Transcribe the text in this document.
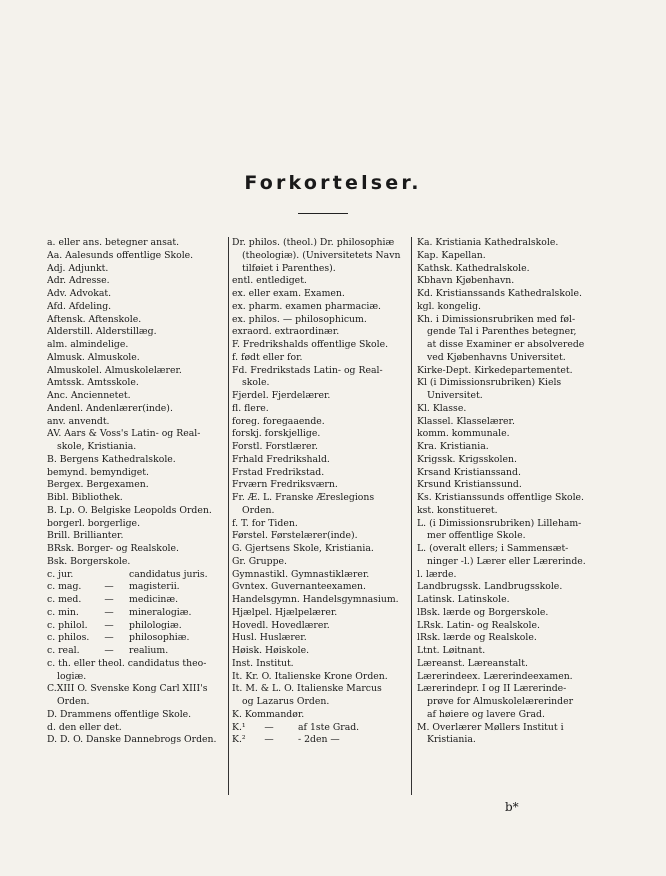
Forkortelser.
a. eller ans. betegner ansat.
Aa. Aalesunds offentlige Skole.
Adj. Adjunkt.
Adr. Adresse.
Adv. Advokat.
Afd. Afdeling.
Aftensk. Aftenskole.
Alderstill. Alderstillæg.
alm. almindelige.
Almusk. Almuskole.
Almuskolel. Almuskolelærer.
Amtssk. Amtsskole.
Anc. Anciennetet.
Andenl. Andenlærer(inde).
anv. anvendt.
AV. Aars & Voss's Latin- og Real-
skole, Kristiania.
B. Bergens Kathedralskole.
bemynd. bemyndiget.
Bergex. Bergexamen.
Bibl. Bibliothek.
B. Lp. O. Belgiske Leopolds Orden.
borgerl. borgerlige.
Brill. Brillianter.
BRsk. Borger- og Realskole.
Bsk. Borgerskole.
c. jur.	candidatus juris.
c. mag.	—	magisterii.
c. med.	—	medicinæ.
c. min.	—	mineralogiæ.
c. philol.	—	philologiæ.
c. philos.	—	philosophiæ.
c. real.	—	realium.
c. th. eller theol. candidatus theo-
logiæ.
C.XIII O. Svenske Kong Carl XIII's
Orden.
D. Drammens offentlige Skole.
d. den eller det.
D. D. O. Danske Dannebrogs Orden.
Dr. philos. (theol.) Dr. philosophiæ
(theologiæ). (Universitetets Navn
tilføiet i Parenthes).
entl. entlediget.
ex. eller exam. Examen.
ex. pharm. examen pharmaciæ.
ex. philos. — philosophicum.
exraord. extraordinær.
F. Fredrikshalds offentlige Skole.
f. født eller for.
Fd. Fredrikstads Latin- og Real-
skole.
Fjerdel. Fjerdelærer.
fl. flere.
foreg. foregaaende.
forskj. forskjellige.
Forstl. Forstlærer.
Frhald Fredrikshald.
Frstad Fredrikstad.
Frværn Fredriksværn.
Fr. Æ. L. Franske Æreslegions
Orden.
f. T. for Tiden.
Førstel. Førstelærer(inde).
G. Gjertsens Skole, Kristiania.
Gr. Gruppe.
Gymnastikl. Gymnastiklærer.
Gvntex. Guvernanteexamen.
Handelsgymn. Handelsgymnasium.
Hjælpel. Hjælpelærer.
Hovedl. Hovedlærer.
Husl. Huslærer.
Høisk. Høiskole.
Inst. Institut.
It. Kr. O. Italienske Krone Orden.
It. M. & L. O. Italienske Marcus
og Lazarus Orden.
K. Kommandør.
K.¹	—	af 1ste Grad.
K.²	—	- 2den —
Ka. Kristiania Kathedralskole.
Kap. Kapellan.
Kathsk. Kathedralskole.
Kbhavn Kjøbenhavn.
Kd. Kristianssands Kathedralskole.
kgl. kongelig.
Kh. i Dimissionsrubriken med føl-
gende Tal i Parenthes betegner,
at disse Examiner er absolverede
ved Kjøbenhavns Universitet.
Kirke-Dept. Kirkedepartementet.
Kl (i Dimissionsrubriken) Kiels
Universitet.
Kl. Klasse.
Klassel. Klasselærer.
komm. kommunale.
Kra. Kristiania.
Krigssk. Krigsskolen.
Krsand Kristianssand.
Krsund Kristianssund.
Ks. Kristianssunds offentlige Skole.
kst. konstitueret.
L. (i Dimissionsrubriken) Lilleham-
mer offentlige Skole.
L. (overalt ellers; i Sammensæt-
ninger -l.) Lærer eller Lærerinde.
l. lærde.
Landbrugssk. Landbrugsskole.
Latinsk. Latinskole.
lBsk. lærde og Borgerskole.
LRsk. Latin- og Realskole.
lRsk. lærde og Realskole.
Ltnt. Løitnant.
Læreanst. Læreanstalt.
Lærerindeex. Lærerindeexamen.
Lærerindepr. I og II Lærerinde-
prøve for Almuskolelærerinder
af høiere og lavere Grad.
M. Overlærer Møllers Institut i
Kristiania.
b*
